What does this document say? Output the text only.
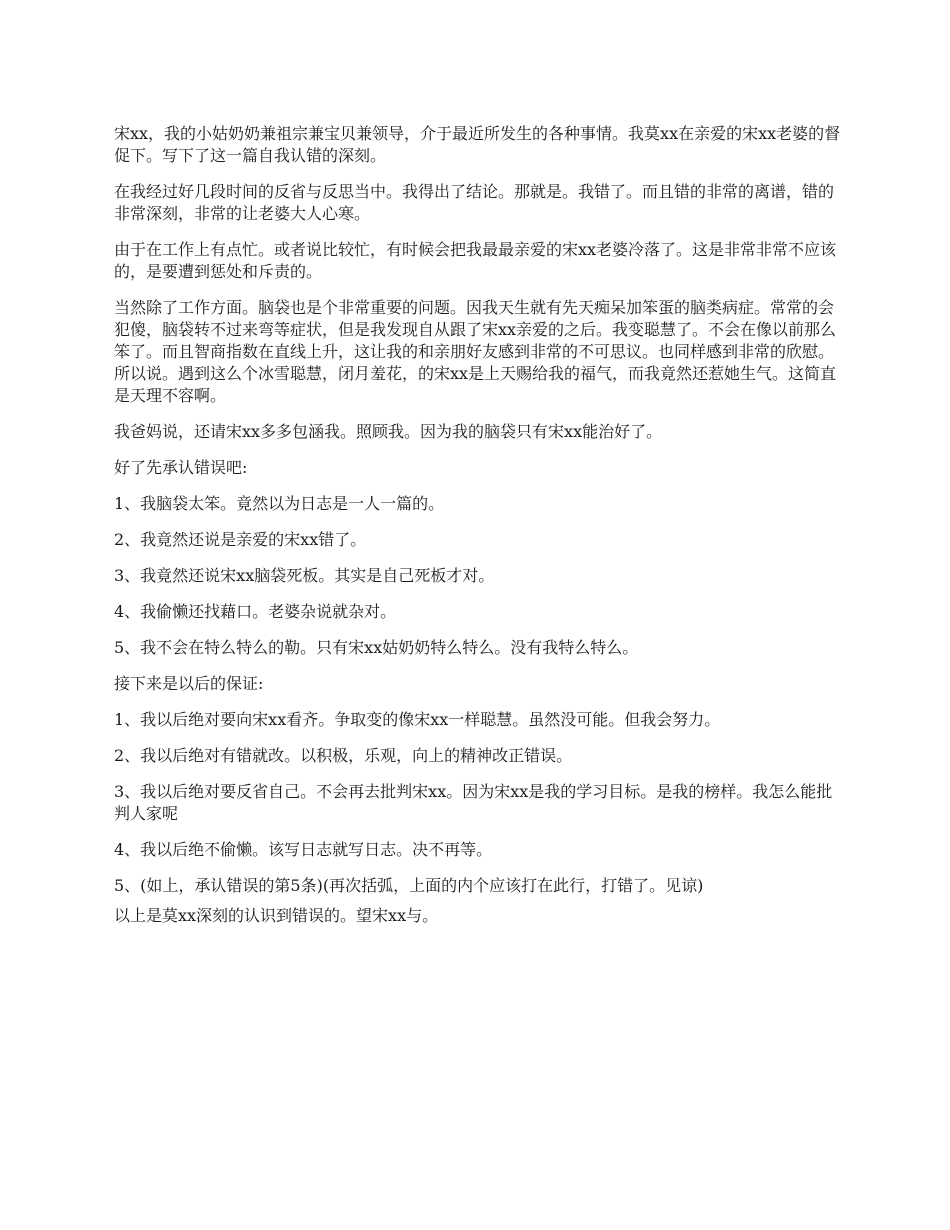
宋xx，我的小姑奶奶兼祖宗兼宝贝兼领导，介于最近所发生的各种事情。我莫xx在亲爱的宋xx老婆的督促下。写下了这一篇自我认错的深刻。

在我经过好几段时间的反省与反思当中。我得出了结论。那就是。我错了。而且错的非常的离谱，错的非常深刻，非常的让老婆大人心寒。

由于在工作上有点忙。或者说比较忙，有时候会把我最最亲爱的宋xx老婆冷落了。这是非常非常不应该的，是要遭到惩处和斥责的。

当然除了工作方面。脑袋也是个非常重要的问题。因我天生就有先天痴呆加笨蛋的脑类病症。常常的会犯傻，脑袋转不过来弯等症状，但是我发现自从跟了宋xx亲爱的之后。我变聪慧了。不会在像以前那么笨了。而且智商指数在直线上升，这让我的和亲朋好友感到非常的不可思议。也同样感到非常的欣慰。所以说。遇到这么个冰雪聪慧，闭月羞花，的宋xx是上天赐给我的福气，而我竟然还惹她生气。这简直是天理不容啊。

我爸妈说，还请宋xx多多包涵我。照顾我。因为我的脑袋只有宋xx能治好了。

好了先承认错误吧:

1、我脑袋太笨。竟然以为日志是一人一篇的。

2、我竟然还说是亲爱的宋xx错了。

3、我竟然还说宋xx脑袋死板。其实是自己死板才对。

4、我偷懒还找藉口。老婆杂说就杂对。

5、我不会在特么特么的勒。只有宋xx姑奶奶特么特么。没有我特么特么。

接下来是以后的保证:

1、我以后绝对要向宋xx看齐。争取变的像宋xx一样聪慧。虽然没可能。但我会努力。

2、我以后绝对有错就改。以积极，乐观，向上的精神改正错误。

3、我以后绝对要反省自己。不会再去批判宋xx。因为宋xx是我的学习目标。是我的榜样。我怎么能批判人家呢

4、我以后绝不偷懒。该写日志就写日志。决不再等。

5、(如上，承认错误的第5条)(再次括弧，上面的内个应该打在此行，打错了。见谅)

以上是莫xx深刻的认识到错误的。望宋xx与。
